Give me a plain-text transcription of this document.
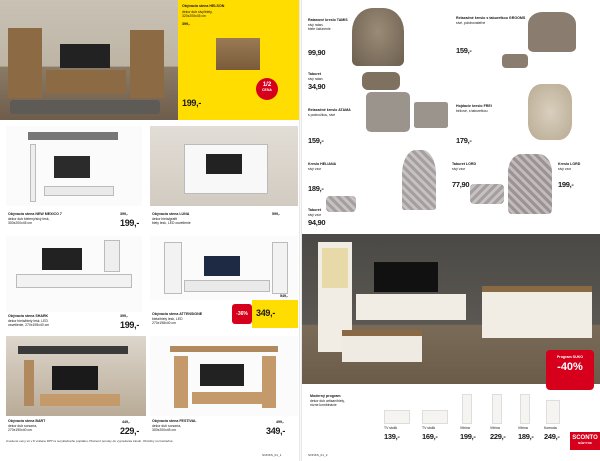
Obývacia stena HELSON
dekor dub sivý/biely,
320x205x45 cm
399,-
199,-
1/2
CENA
Obývacia stena NEW MEXICO 7
dekor dub bielený/sivý lesk,
300x200x45 cm
399,-
199,-
Obývacia stena LUNA
dekor biela/grafit
biely lesk, LED osvetlenie
599,-
Obývacia stena SHARK
dekor biela/biely lesk, LED
osvetlenie, 270x195x40 cm
399,-
199,-
349,-
-36%
Obývacia stena ATTENSIONE
biela/biely lesk, LED
270x198x40 cm
549,-
Obývacia stena BART
dekor dub sonoma,
270x190x40 cm
449,-
229,-
Obývacia stena FESTIVAL
dekor dub sonoma,
300x200x45 cm
499,-
349,-
Uvedené ceny sú v € vrátane DPH a recyklačného poplatku. Platnosť ponuky do vypredania zásob. Obrázky sú ilustračné.
SONKS_01_1
Ratanové kreslo TAMIS
sivý ratan,
biele čalúnenie
99,90
Relaxačné kreslo s taburetkou GROOMS
sivé, polohovateľné
159,-
Taburet
sivý ratan
34,90
Relaxačné kreslo ATAMA
s podnožkou, sivé
159,-
Hojdacie kreslo FREI
béžové, s taburetkou
179,-
Kreslo HELIANA
sivý vzor
189,-
Taburet LORD
sivý vzor
77,90
Kreslo LORD
sivý vzor
199,-
Taburet
sivý vzor
94,90
Program SUKO
-40%
Moderný program
dekor dub artisan/biely,
rôzne kombinácie
TV stolík
139,-
TV stolík
169,-
Vitrína
199,-
Vitrína
229,-
Vitrína
189,-
Komoda
249,-	SCONTO
NÁBYTOK
SONKS_01_2
